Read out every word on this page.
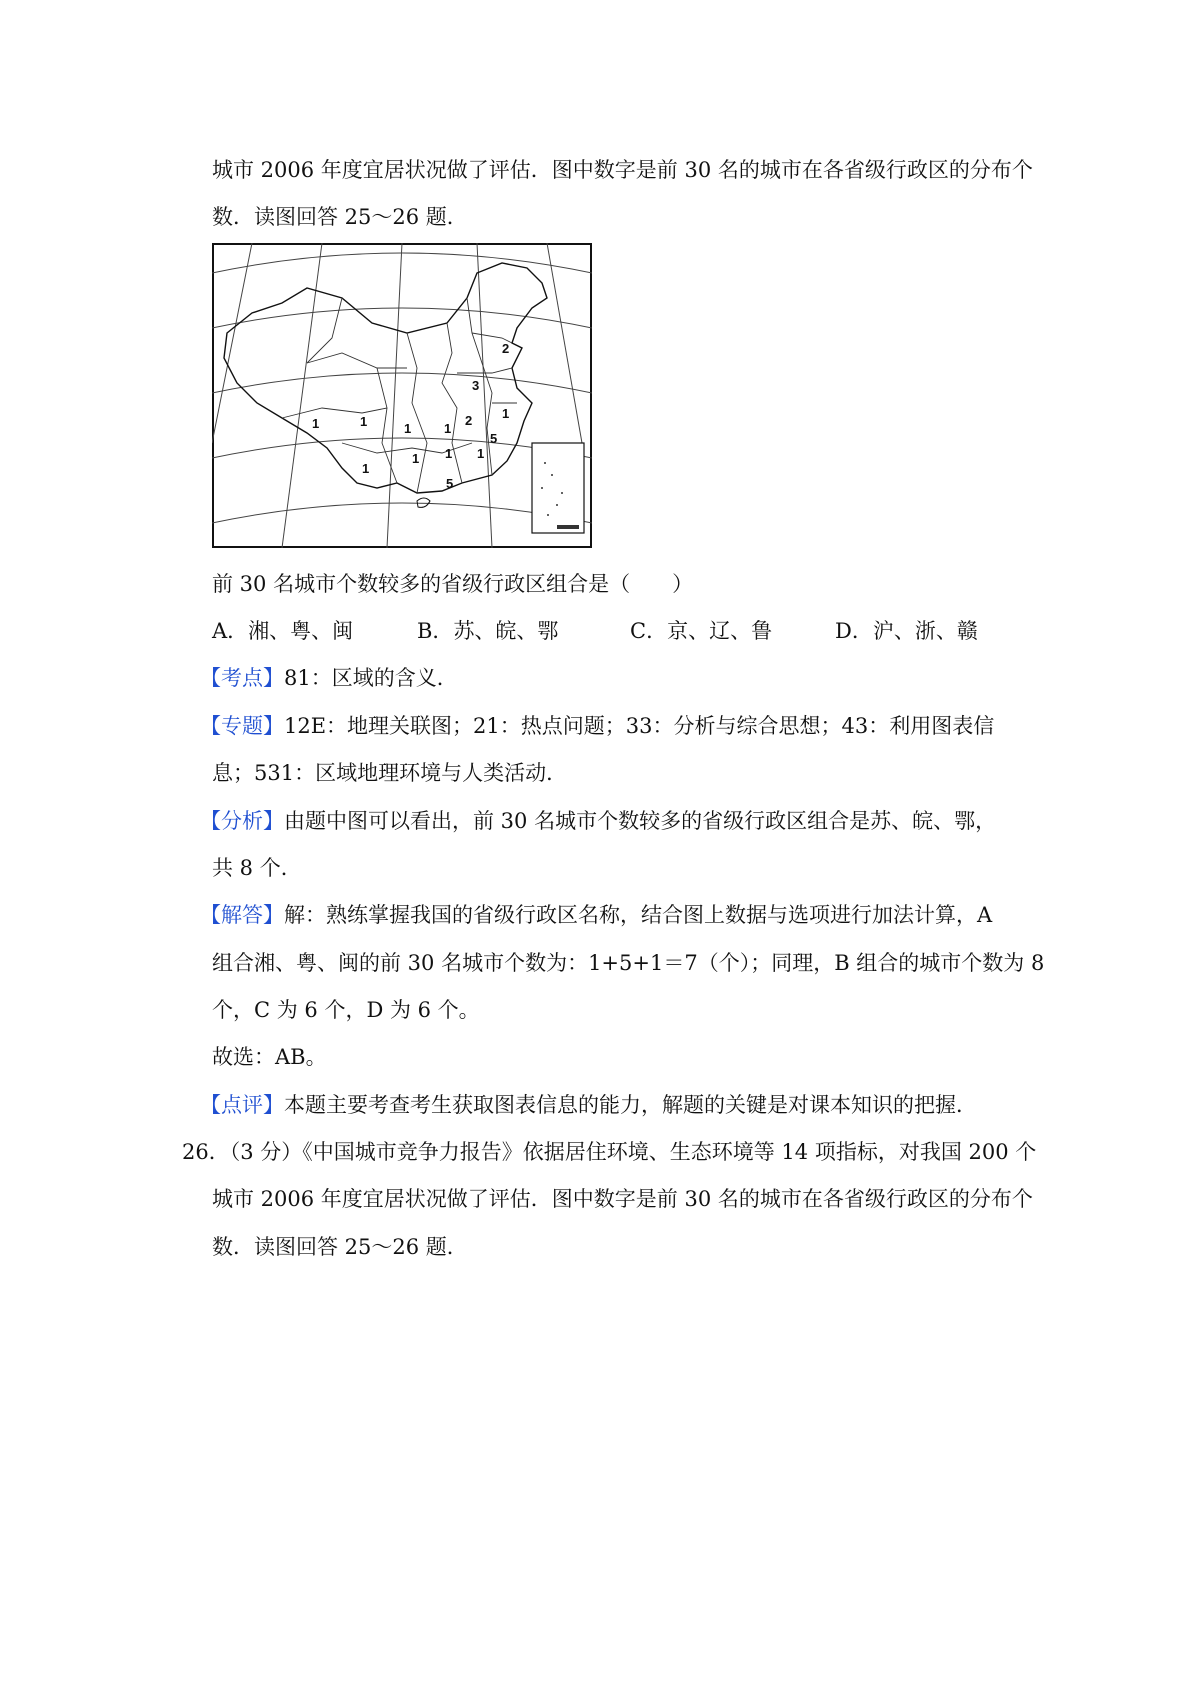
城市 2006 年度宜居状况做了评估．图中数字是前 30 名的城市在各省级行政区的分布个
数．读图回答 25～26 题．
2
3
1
1	1	1
2
5
1
1
1
1
5
1
前 30 名城市个数较多的省级行政区组合是（　　）
A．湘、粤、闽	B．苏、皖、鄂	C．京、辽、鲁	D．沪、浙、赣
【考点】81：区域的含义．
【专题】12E：地理关联图；21：热点问题；33：分析与综合思想；43：利用图表信
息；531：区域地理环境与人类活动．
【分析】由题中图可以看出，前 30 名城市个数较多的省级行政区组合是苏、皖、鄂，
共 8 个．
【解答】解：熟练掌握我国的省级行政区名称，结合图上数据与选项进行加法计算，A
组合湘、粤、闽的前 30 名城市个数为：1+5+1＝7（个）；同理，B 组合的城市个数为 8
个，C 为 6 个，D 为 6 个。
故选：AB。
【点评】本题主要考查考生获取图表信息的能力，解题的关键是对课本知识的把握．
26．（3 分）《中国城市竞争力报告》依据居住环境、生态环境等 14 项指标，对我国 200 个
城市 2006 年度宜居状况做了评估．图中数字是前 30 名的城市在各省级行政区的分布个
数．读图回答 25～26 题．
